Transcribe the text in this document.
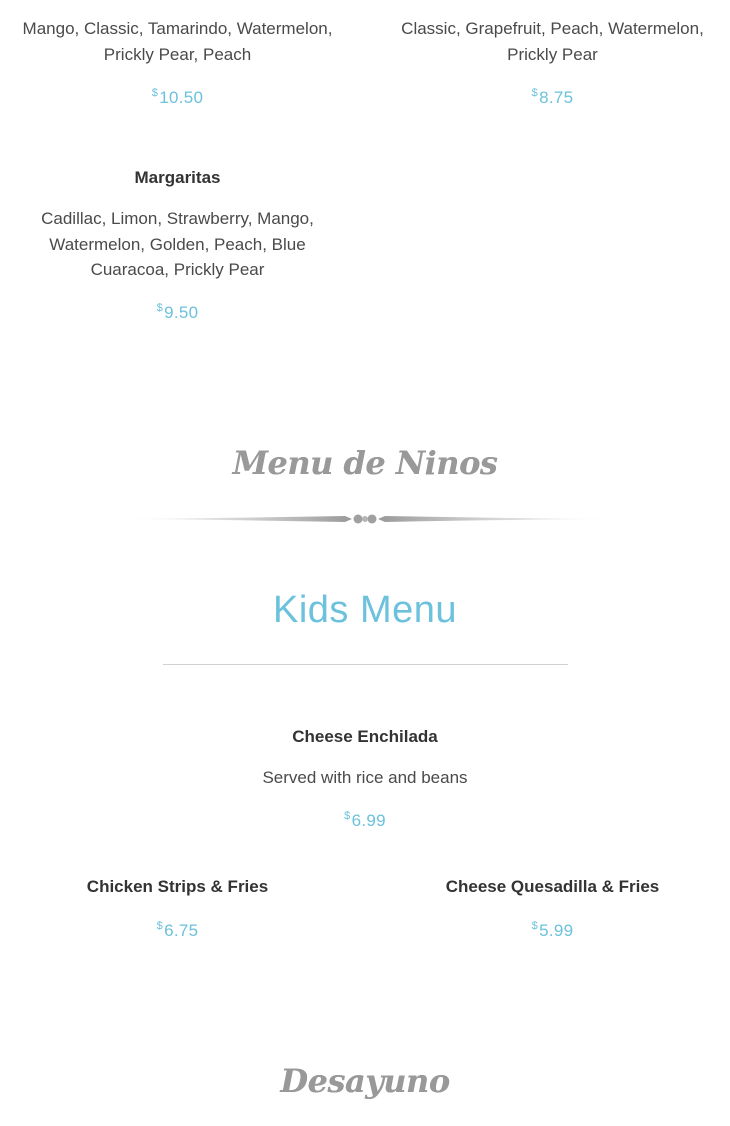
Mango, Classic, Tamarindo, Watermelon, Prickly Pear, Peach
$10.50
Classic, Grapefruit, Peach, Watermelon, Prickly Pear
$8.75
Margaritas
Cadillac, Limon, Strawberry, Mango, Watermelon, Golden, Peach, Blue Cuaracoa, Prickly Pear
$9.50
Menu de Ninos
Kids Menu
Cheese Enchilada
Served with rice and beans
$6.99
Chicken Strips & Fries
$6.75
Cheese Quesadilla & Fries
$5.99
Desayuno
